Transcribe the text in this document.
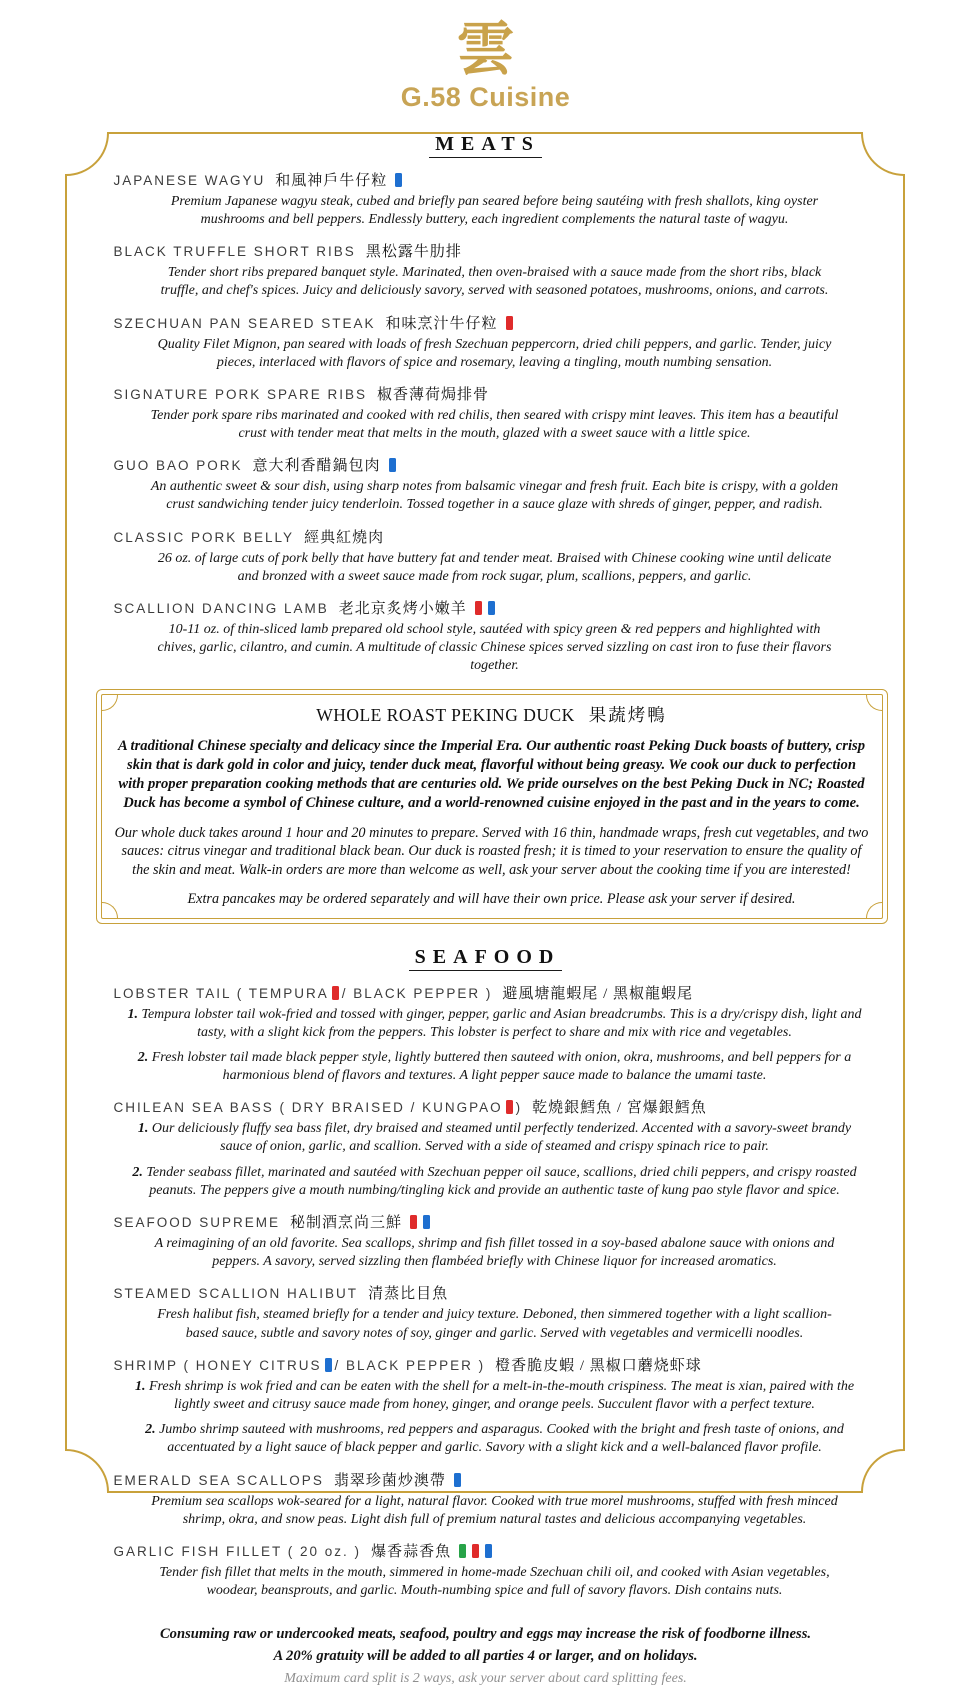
雲
G.58 Cuisine
MEATS
JAPANESE WAGYU 和風神戶牛仔粒
Premium Japanese wagyu steak, cubed and briefly pan seared before being sautéing with fresh shallots, king oyster mushrooms and bell peppers. Endlessly buttery, each ingredient complements the natural taste of wagyu.
BLACK TRUFFLE SHORT RIBS 黑松露牛肋排
Tender short ribs prepared banquet style. Marinated, then oven-braised with a sauce made from the short ribs, black truffle, and chef's spices. Juicy and deliciously savory, served with seasoned potatoes, mushrooms, onions, and carrots.
SZECHUAN PAN SEARED STEAK 和味烹汁牛仔粒
Quality Filet Mignon, pan seared with loads of fresh Szechuan peppercorn, dried chili peppers, and garlic. Tender, juicy pieces, interlaced with flavors of spice and rosemary, leaving a tingling, mouth numbing sensation.
SIGNATURE PORK SPARE RIBS 椒香薄荷焗排骨
Tender pork spare ribs marinated and cooked with red chilis, then seared with crispy mint leaves. This item has a beautiful crust with tender meat that melts in the mouth, glazed with a sweet sauce with a little spice.
GUO BAO PORK 意大利香醋鍋包肉
An authentic sweet & sour dish, using sharp notes from balsamic vinegar and fresh fruit. Each bite is crispy, with a golden crust sandwiching tender juicy tenderloin. Tossed together in a sauce glaze with shreds of ginger, pepper, and radish.
CLASSIC PORK BELLY 經典紅燒肉
26 oz. of large cuts of pork belly that have buttery fat and tender meat. Braised with Chinese cooking wine until delicate and bronzed with a sweet sauce made from rock sugar, plum, scallions, peppers, and garlic.
SCALLION DANCING LAMB 老北京炙烤小嫩羊
10-11 oz. of thin-sliced lamb prepared old school style, sautéed with spicy green & red peppers and highlighted with chives, garlic, cilantro, and cumin. A multitude of classic Chinese spices served sizzling on cast iron to fuse their flavors together.
WHOLE ROAST PEKING DUCK 果蔬烤鴨

A traditional Chinese specialty and delicacy since the Imperial Era. Our authentic roast Peking Duck boasts of buttery, crisp skin that is dark gold in color and juicy, tender duck meat, flavorful without being greasy. We cook our duck to perfection with proper preparation cooking methods that are centuries old. We pride ourselves on the best Peking Duck in NC; Roasted Duck has become a symbol of Chinese culture, and a world-renowned cuisine enjoyed in the past and in the years to come.

Our whole duck takes around 1 hour and 20 minutes to prepare. Served with 16 thin, handmade wraps, fresh cut vegetables, and two sauces: citrus vinegar and traditional black bean. Our duck is roasted fresh; it is timed to your reservation to ensure the quality of the skin and meat. Walk-in orders are more than welcome as well, ask your server about the cooking time if you are interested!

Extra pancakes may be ordered separately and will have their own price. Please ask your server if desired.

SEAFOOD
LOBSTER TAIL ( TEMPURA / BLACK PEPPER ) 避風塘龍蝦尾 / 黑椒龍蝦尾
1. Tempura lobster tail wok-fried and tossed with ginger, pepper, garlic and Asian breadcrumbs. This is a dry/crispy dish, light and tasty, with a slight kick from the peppers. This lobster is perfect to share and mix with rice and vegetables.
2. Fresh lobster tail made black pepper style, lightly buttered then sauteed with onion, okra, mushrooms, and bell peppers for a harmonious blend of flavors and textures. A light pepper sauce made to balance the umami taste.
CHILEAN SEA BASS ( DRY BRAISED / KUNGPAO ) 乾燒銀鱈魚 / 宮爆銀鱈魚
1. Our deliciously fluffy sea bass filet, dry braised and steamed until perfectly tenderized. Accented with a savory-sweet brandy sauce of onion, garlic, and scallion. Served with a side of steamed and crispy spinach rice to pair.
2. Tender seabass fillet, marinated and sautéed with Szechuan pepper oil sauce, scallions, dried chili peppers, and crispy roasted peanuts. The peppers give a mouth numbing/tingling kick and provide an authentic taste of kung pao style flavor and spice.
SEAFOOD SUPREME 秘制酒烹尚三鮮
A reimagining of an old favorite. Sea scallops, shrimp and fish fillet tossed in a soy-based abalone sauce with onions and peppers. A savory, served sizzling then flambéed briefly with Chinese liquor for increased aromatics.
STEAMED SCALLION HALIBUT 清蒸比目魚
Fresh halibut fish, steamed briefly for a tender and juicy texture. Deboned, then simmered together with a light scallion-based sauce, subtle and savory notes of soy, ginger and garlic. Served with vegetables and vermicelli noodles.
SHRIMP ( HONEY CITRUS / BLACK PEPPER ) 橙香脆皮蝦 / 黑椒口蘑烧虾球
1. Fresh shrimp is wok fried and can be eaten with the shell for a melt-in-the-mouth crispiness. The meat is xian, paired with the lightly sweet and citrusy sauce made from honey, ginger, and orange peels. Succulent flavor with a perfect texture.
2. Jumbo shrimp sauteed with mushrooms, red peppers and asparagus. Cooked with the bright and fresh taste of onions, and accentuated by a light sauce of black pepper and garlic. Savory with a slight kick and a well-balanced flavor profile.
EMERALD SEA SCALLOPS 翡翠珍菌炒澳帶
Premium sea scallops wok-seared for a light, natural flavor. Cooked with true morel mushrooms, stuffed with fresh minced shrimp, okra, and snow peas. Light dish full of premium natural tastes and delicious accompanying vegetables.
GARLIC FISH FILLET ( 20 oz. ) 爆香蒜香魚
Tender fish fillet that melts in the mouth, simmered in home-made Szechuan chili oil, and cooked with Asian vegetables, woodear, beansprouts, and garlic. Mouth-numbing spice and full of savory flavors. Dish contains nuts.
Consuming raw or undercooked meats, seafood, poultry and eggs may increase the risk of foodborne illness.
A 20% gratuity will be added to all parties 4 or larger, and on holidays.
Maximum card split is 2 ways, ask your server about card splitting fees.
